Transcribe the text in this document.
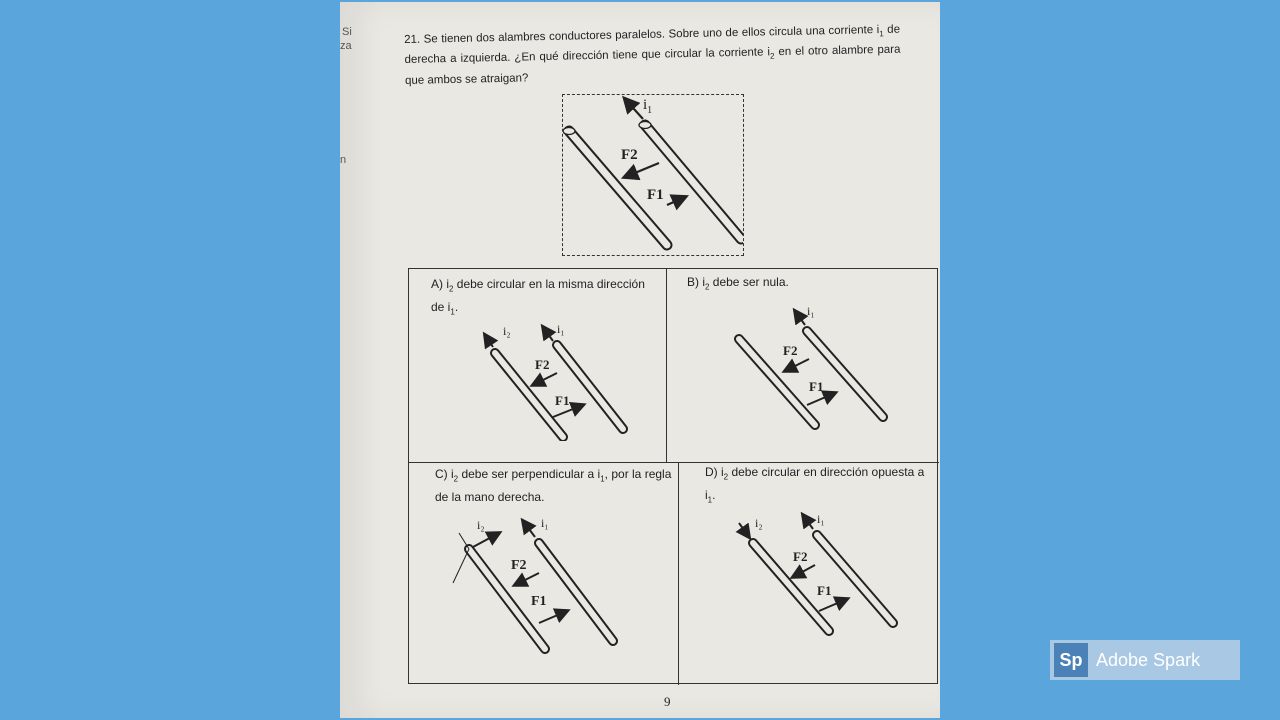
Si
za
n
21. Se tienen dos alambres conductores paralelos. Sobre uno de ellos circula una corriente $i_1$ de derecha a izquierda. ¿En qué dirección tiene que circular la corriente $i_2$ en el otro alambre para que ambos se atraigan?
$i_1$
F2
F1
A) $i_2$ debe circular en la misma dirección de $i_1$.
i₂	i₁
F2
F1
B) $i_2$ debe ser nula.
i₁
F2
F1
C) $i_2$ debe ser perpendicular a $i_1$, por la regla de la mano derecha.
i₂	i₁
F2
F1
D) $i_2$ debe circular en dirección opuesta a $i_1$.
i₂	i₁
F2
F1
9
Sp Adobe Spark
